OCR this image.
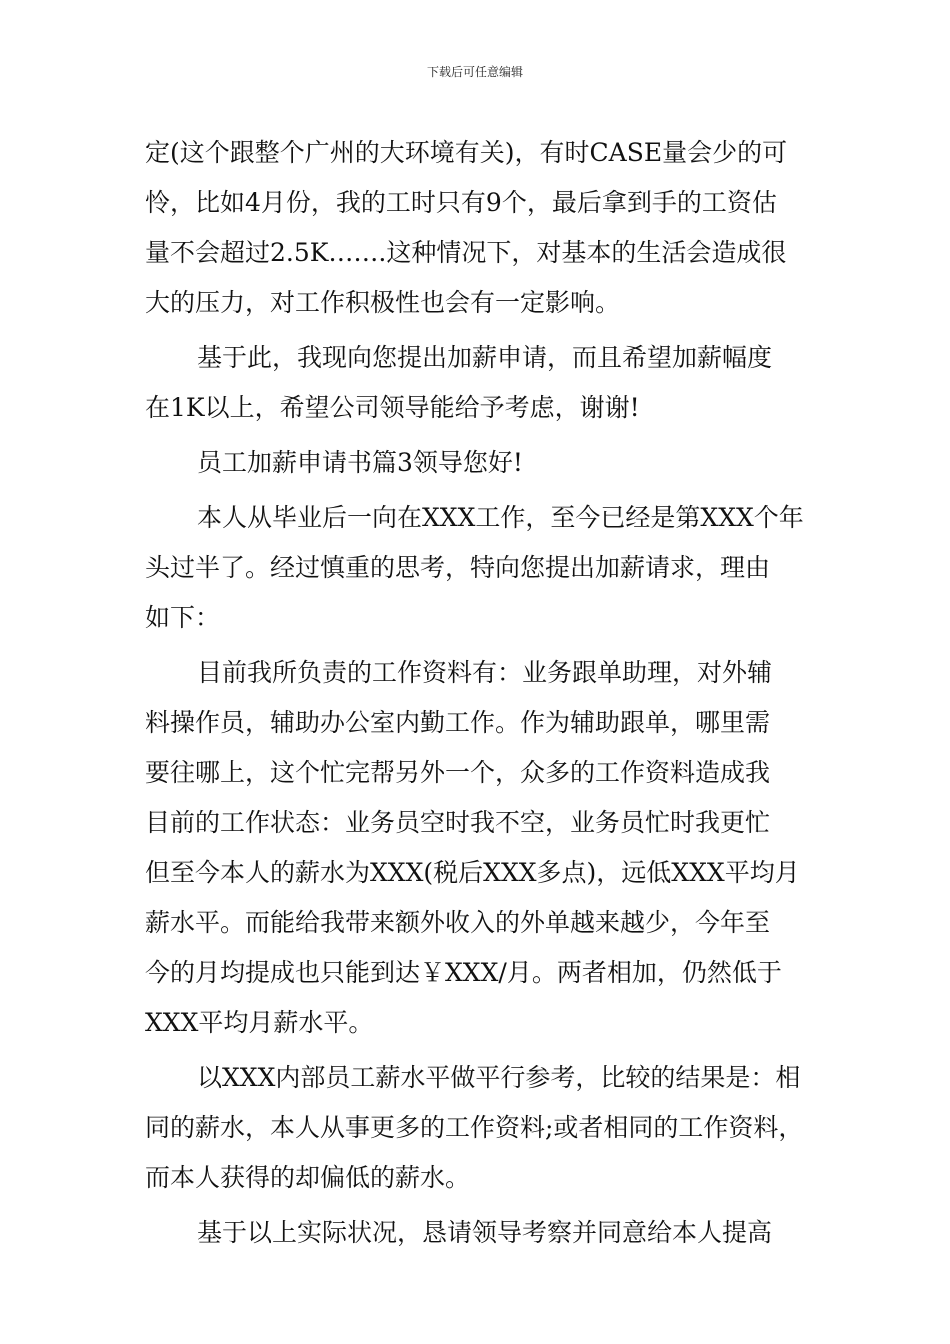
下载后可任意编辑
定(这个跟整个广州的大环境有关)，有时CASE量会少的可
怜，比如4月份，我的工时只有9个，最后拿到手的工资估
量不会超过2.5K…….这种情况下，对基本的生活会造成很
大的压力，对工作积极性也会有一定影响。
基于此，我现向您提出加薪申请，而且希望加薪幅度
在1K以上，希望公司领导能给予考虑，谢谢!
员工加薪申请书篇3领导您好!
本人从毕业后一向在XXX工作，至今已经是第XXX个年
头过半了。经过慎重的思考，特向您提出加薪请求，理由
如下：
目前我所负责的工作资料有：业务跟单助理，对外辅
料操作员，辅助办公室内勤工作。作为辅助跟单，哪里需
要往哪上，这个忙完帮另外一个，众多的工作资料造成我
目前的工作状态：业务员空时我不空，业务员忙时我更忙
但至今本人的薪水为XXX(税后XXX多点)，远低XXX平均月
薪水平。而能给我带来额外收入的外单越来越少，今年至
今的月均提成也只能到达￥XXX/月。两者相加，仍然低于
XXX平均月薪水平。
以XXX内部员工薪水平做平行参考，比较的结果是：相
同的薪水，本人从事更多的工作资料;或者相同的工作资料，
而本人获得的却偏低的薪水。
基于以上实际状况，恳请领导考察并同意给本人提高
